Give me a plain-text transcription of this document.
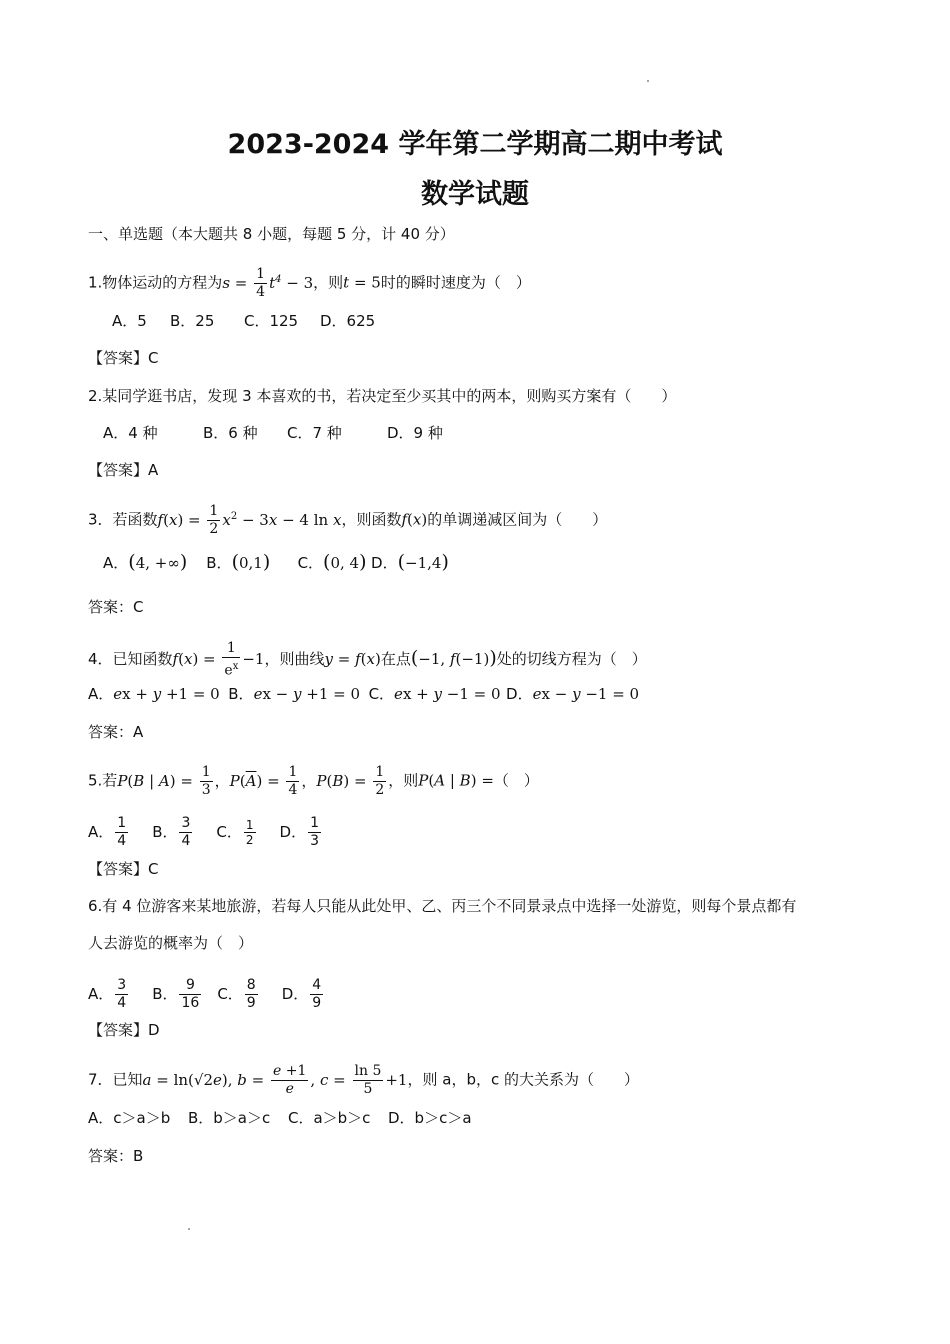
2023-2024 学年第二学期高二期中考试
数学试题
一、单选题（本大题共 8 小题，每题 5 分，计 40 分）
1.物体运动的方程为$s = \frac{1}{4} t^4 - 3$，则t = 5时的瞬时速度为（　）
A．5 B．25 C．125 D．625
【答案】C
2.某同学逛书店，发现 3 本喜欢的书，若决定至少买其中的两本，则购买方案有（　　）
A．4 种	B．6 种 C．7 种	D．9 种
【答案】A
3．若函数$f(x) = \frac{1}{2} x^2 - 3x - 4$ ln x，则函数f(x)的单调递减区间为（　　）
A．(4, +∞) B．(0,1) C．(0, 4) D．(−1,4)
答案：C
4．已知函数$f(x) = \frac{1}{e^x} -1$，则曲线y = f(x)在点(−1, f(−1))处的切线方程为（　）
A．ex + y +1 = 0 B．ex − y +1 = 0 C．ex + y −1 = 0 D．ex − y −1 = 0
答案：A
5.若P(B | $A) = \frac{1}{3}$ ，$P(\overline{A}) = \frac{1}{4}$ ，$P(B) = \frac{1}{2}$ ，则P(A | B) =（　）
A． $\frac{1}{4}$ B． $\frac{3}{4}$ C． $\frac{1}{2}$ D． $\frac{1}{3}$
【答案】C
6.有 4 位游客来某地旅游，若每人只能从此处甲、乙、丙三个不同景录点中选择一处游览，则每个景点都有
人去游览的概率为（　）
A． $\frac{3}{4}$ B． $\frac{9}{16}$ C． $\frac{8}{9}$ D． $\frac{4}{9}$
【答案】D
7．已知a = ln(√2e), $b = \frac{e +1}{e}$ , $c = \frac{\ln 5}{5} +1$，则 a，b，c 的大关系为（　　）
A．c＞a＞b B．b＞a＞c C．a＞b＞c D．b＞c＞a
答案：B
